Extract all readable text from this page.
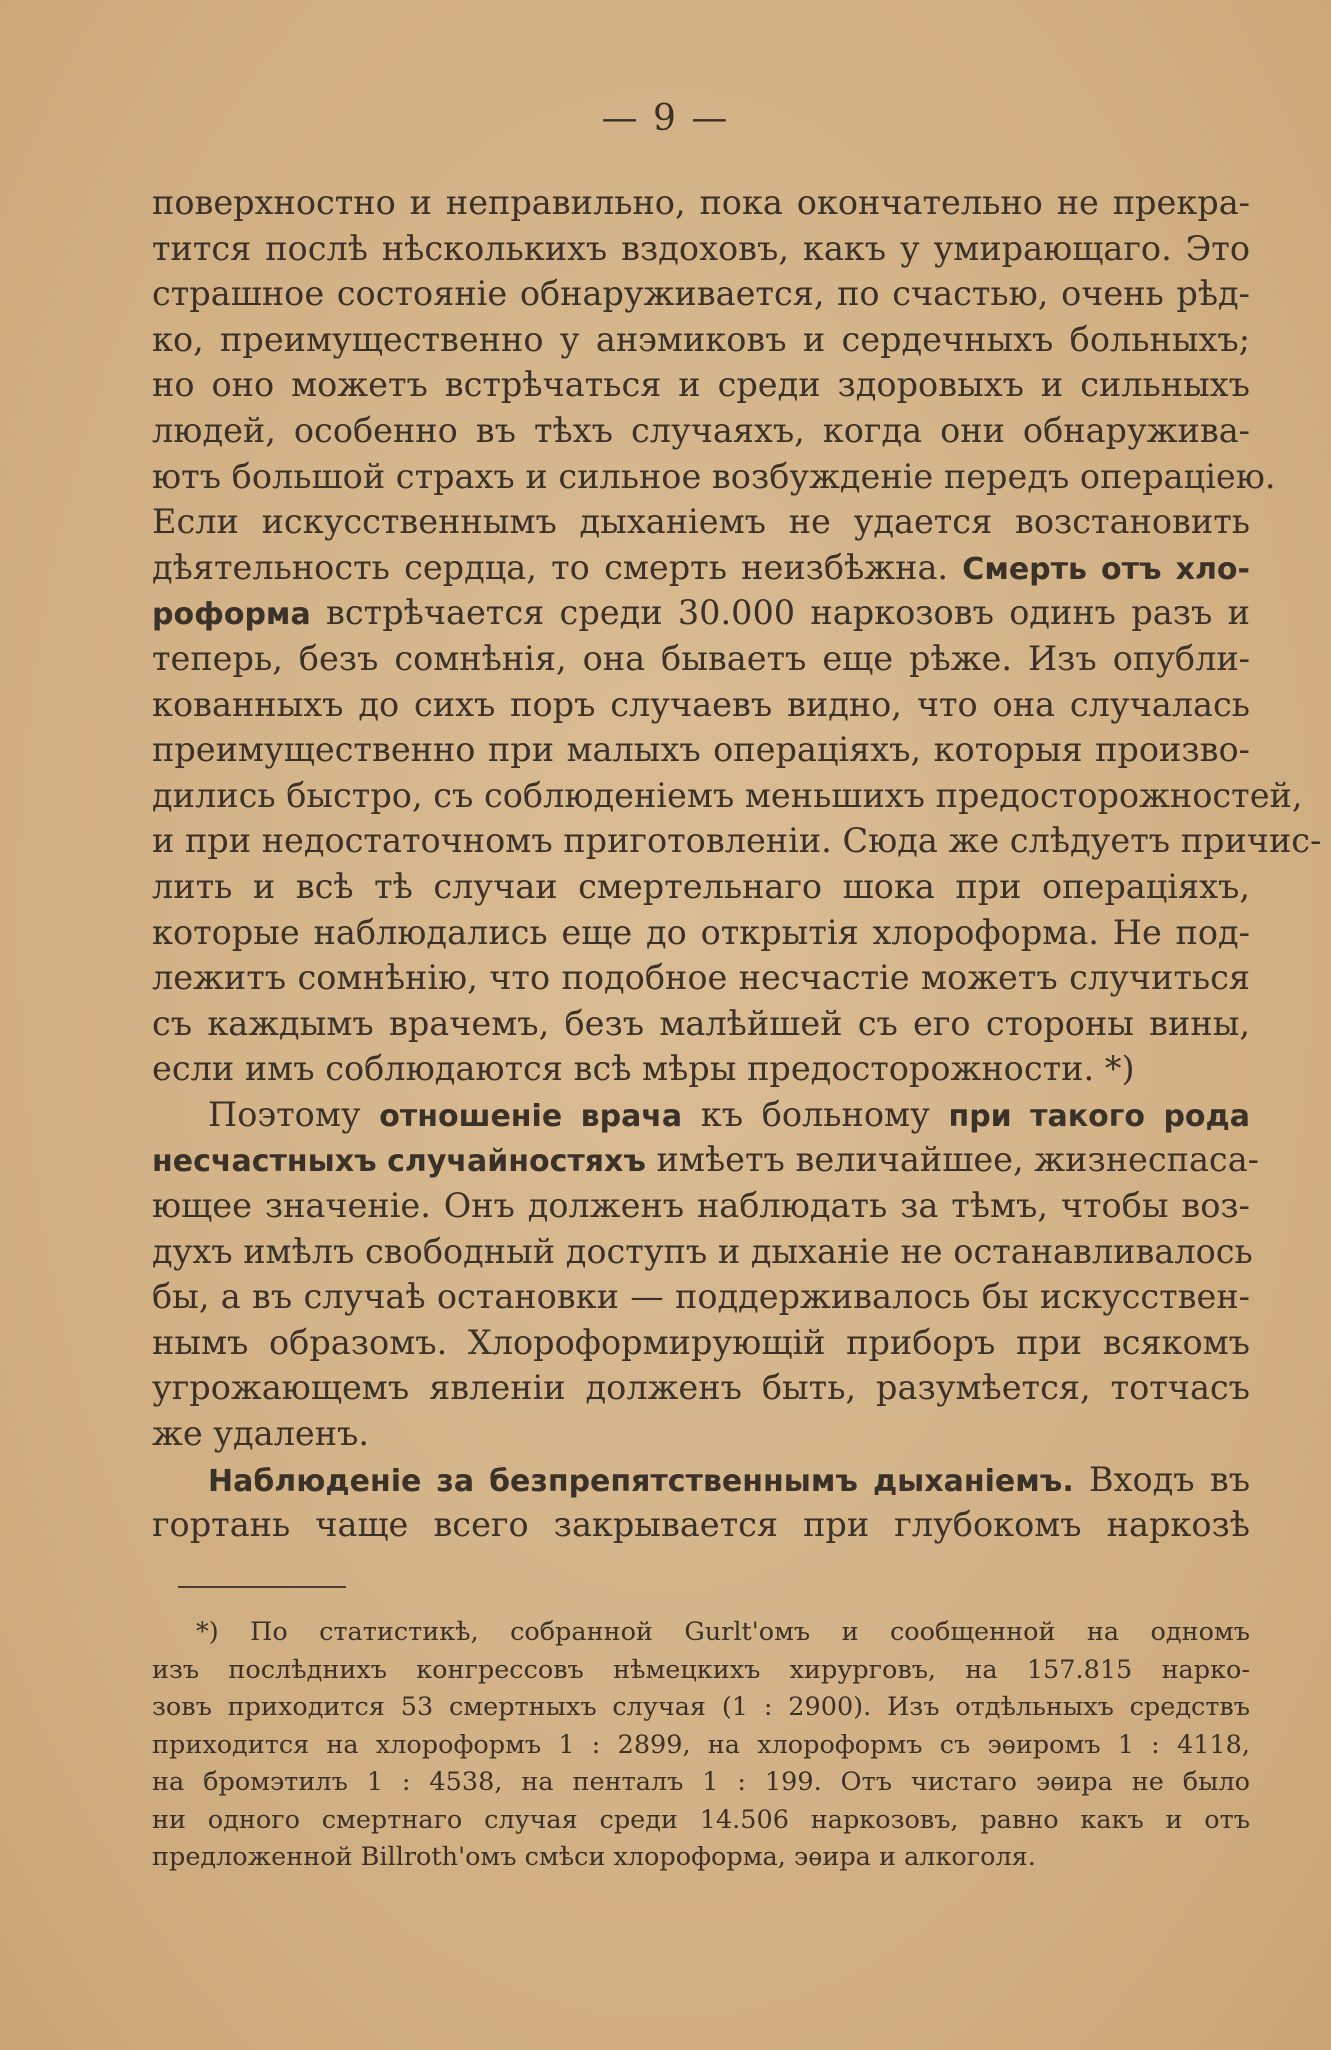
— 9 —
поверхностно и неправильно, пока окончательно не прекра-
тится послѣ нѣсколькихъ вздоховъ, какъ у умирающаго. Это
страшное состояніе обнаруживается, по счастью, очень рѣд-
ко, преимущественно у анэмиковъ и сердечныхъ больныхъ;
но оно можетъ встрѣчаться и среди здоровыхъ и сильныхъ
людей, особенно въ тѣхъ случаяхъ, когда они обнаружива-
ютъ большой страхъ и сильное возбужденіе передъ операціею.
Если искусственнымъ дыханіемъ не удается возстановить
дѣятельность сердца, то смерть неизбѣжна. Смерть отъ хло-
роформа встрѣчается среди 30.000 наркозовъ одинъ разъ и
теперь, безъ сомнѣнія, она бываетъ еще рѣже. Изъ опубли-
кованныхъ до сихъ поръ случаевъ видно, что она случалась
преимущественно при малыхъ операціяхъ, которыя произво-
дились быстро, съ соблюденіемъ меньшихъ предосторожностей,
и при недостаточномъ приготовленіи. Сюда же слѣдуетъ причис-
лить и всѣ тѣ случаи смертельнаго шока при операціяхъ,
которые наблюдались еще до открытія хлороформа. Не под-
лежитъ сомнѣнію, что подобное несчастіе можетъ случиться
съ каждымъ врачемъ, безъ малѣйшей съ его стороны вины,
если имъ соблюдаются всѣ мѣры предосторожности. *)
Поэтому отношеніе врача къ больному при такого рода
несчастныхъ случайностяхъ имѣетъ величайшее, жизнеспаса-
ющее значеніе. Онъ долженъ наблюдать за тѣмъ, чтобы воз-
духъ имѣлъ свободный доступъ и дыханіе не останавливалось
бы, а въ случаѣ остановки — поддерживалось бы искусствен-
нымъ образомъ. Хлороформирующій приборъ при всякомъ
угрожающемъ явленіи долженъ быть, разумѣется, тотчасъ
же удаленъ.
Наблюденіе за безпрепятственнымъ дыханіемъ. Входъ въ
гортань чаще всего закрывается при глубокомъ наркозѣ
*) По статистикѣ, собранной Gurlt'омъ и сообщенной на одномъ
изъ послѣднихъ конгрессовъ нѣмецкихъ хирурговъ, на 157.815 нарко-
зовъ приходится 53 смертныхъ случая (1 : 2900). Изъ отдѣльныхъ средствъ
приходится на хлороформъ 1 : 2899, на хлороформъ съ эѳиромъ 1 : 4118,
на бромэтилъ 1 : 4538, на пенталъ 1 : 199. Отъ чистаго эѳира не было
ни одного смертнаго случая среди 14.506 наркозовъ, равно какъ и отъ
предложенной Billroth'омъ смѣси хлороформа, эѳира и алкоголя.
